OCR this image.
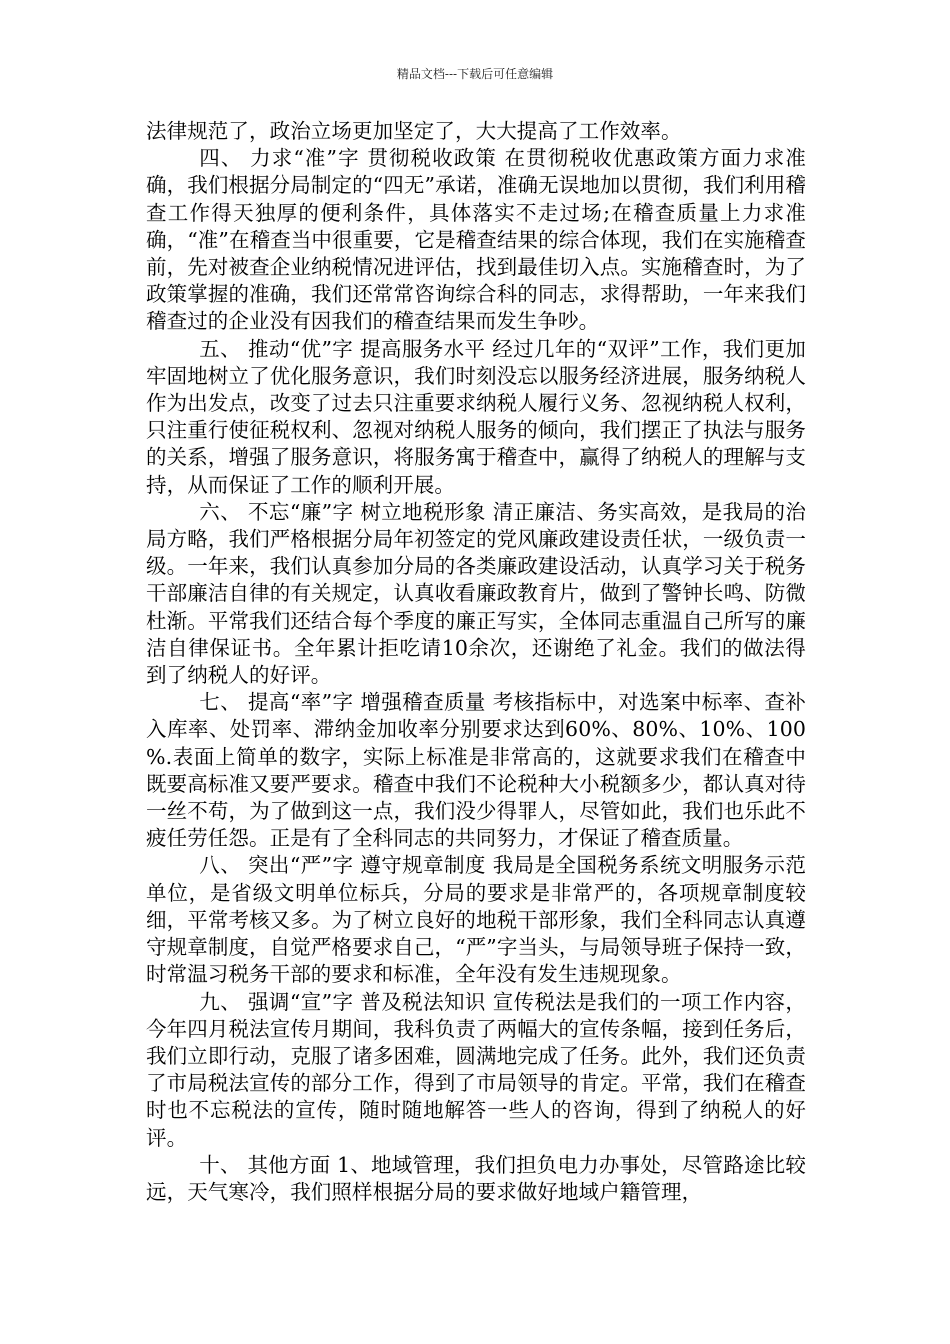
精品文档---下载后可任意编辑

法律规范了，政治立场更加坚定了，大大提高了工作效率。

四、 力求“准”字 贯彻税收政策 在贯彻税收优惠政策方面力求准确，我们根据分局制定的“四无”承诺，准确无误地加以贯彻，我们利用稽查工作得天独厚的便利条件，具体落实不走过场;在稽查质量上力求准确，“准”在稽查当中很重要，它是稽查结果的综合体现，我们在实施稽查前，先对被查企业纳税情况进评估，找到最佳切入点。实施稽查时，为了政策掌握的准确，我们还常常咨询综合科的同志，求得帮助，一年来我们稽查过的企业没有因我们的稽查结果而发生争吵。

五、 推动“优”字 提高服务水平 经过几年的“双评”工作，我们更加牢固地树立了优化服务意识，我们时刻没忘以服务经济进展，服务纳税人作为出发点，改变了过去只注重要求纳税人履行义务、忽视纳税人权利，只注重行使征税权利、忽视对纳税人服务的倾向，我们摆正了执法与服务的关系，增强了服务意识，将服务寓于稽查中，赢得了纳税人的理解与支持，从而保证了工作的顺利开展。

六、 不忘“廉”字 树立地税形象 清正廉洁、务实高效，是我局的治局方略，我们严格根据分局年初签定的党风廉政建设责任状，一级负责一级。一年来，我们认真参加分局的各类廉政建设活动，认真学习关于税务干部廉洁自律的有关规定，认真收看廉政教育片，做到了警钟长鸣、防微杜渐。平常我们还结合每个季度的廉正写实，全体同志重温自己所写的廉洁自律保证书。全年累计拒吃请10余次，还谢绝了礼金。我们的做法得到了纳税人的好评。

七、 提高“率”字 增强稽查质量 考核指标中，对选案中标率、查补入库率、处罚率、滞纳金加收率分别要求达到60%、80%、10%、100 %.表面上简单的数字，实际上标准是非常高的，这就要求我们在稽查中既要高标准又要严要求。稽查中我们不论税种大小税额多少，都认真对待一丝不苟，为了做到这一点，我们没少得罪人，尽管如此，我们也乐此不疲任劳任怨。正是有了全科同志的共同努力，才保证了稽查质量。

八、 突出“严”字 遵守规章制度 我局是全国税务系统文明服务示范单位，是省级文明单位标兵，分局的要求是非常严的，各项规章制度较细，平常考核又多。为了树立良好的地税干部形象，我们全科同志认真遵守规章制度，自觉严格要求自己，“严”字当头，与局领导班子保持一致，时常温习税务干部的要求和标准，全年没有发生违规现象。

九、 强调“宣”字 普及税法知识 宣传税法是我们的一项工作内容，今年四月税法宣传月期间，我科负责了两幅大的宣传条幅，接到任务后，我们立即行动，克服了诸多困难，圆满地完成了任务。此外，我们还负责了市局税法宣传的部分工作，得到了市局领导的肯定。平常，我们在稽查时也不忘税法的宣传，随时随地解答一些人的咨询，得到了纳税人的好评。

十、 其他方面 1、地域管理，我们担负电力办事处，尽管路途比较远，天气寒冷，我们照样根据分局的要求做好地域户籍管理，
